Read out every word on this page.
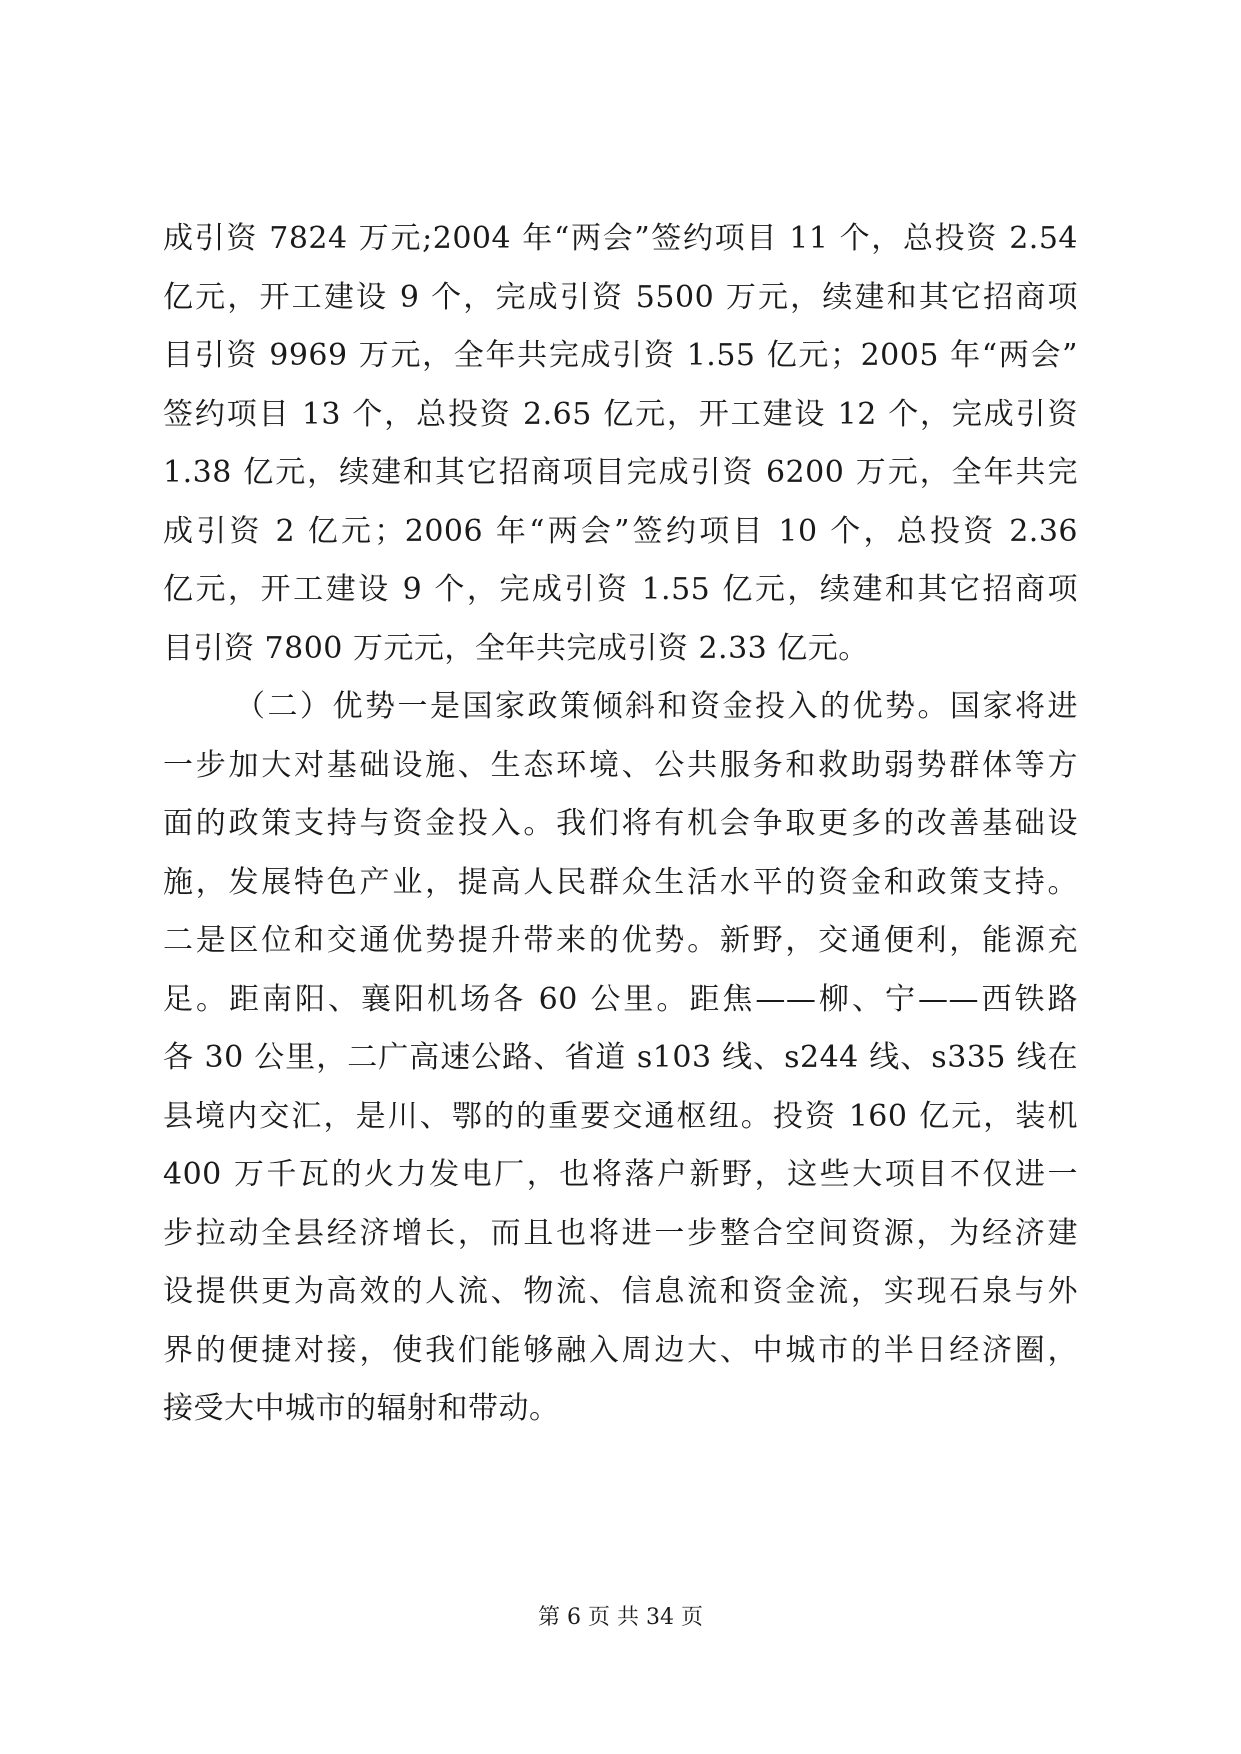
成引资 7824 万元;2004 年“两会”签约项目 11 个，总投资 2.54
亿元，开工建设 9 个，完成引资 5500 万元，续建和其它招商项
目引资 9969 万元，全年共完成引资 1.55 亿元；2005 年“两会”
签约项目 13 个，总投资 2.65 亿元，开工建设 12 个，完成引资
1.38 亿元，续建和其它招商项目完成引资 6200 万元，全年共完
成引资 2 亿元；2006 年“两会”签约项目 10 个，总投资 2.36
亿元，开工建设 9 个，完成引资 1.55 亿元，续建和其它招商项
目引资 7800 万元元，全年共完成引资 2.33 亿元。
（二）优势一是国家政策倾斜和资金投入的优势。国家将进
一步加大对基础设施、生态环境、公共服务和救助弱势群体等方
面的政策支持与资金投入。我们将有机会争取更多的改善基础设
施，发展特色产业，提高人民群众生活水平的资金和政策支持。
二是区位和交通优势提升带来的优势。新野，交通便利，能源充
足。距南阳、襄阳机场各 60 公里。距焦——柳、宁——西铁路
各 30 公里，二广高速公路、省道 s103 线、s244 线、s335 线在
县境内交汇，是川、鄂的的重要交通枢纽。投资 160 亿元，装机
400 万千瓦的火力发电厂，也将落户新野，这些大项目不仅进一
步拉动全县经济增长，而且也将进一步整合空间资源，为经济建
设提供更为高效的人流、物流、信息流和资金流，实现石泉与外
界的便捷对接，使我们能够融入周边大、中城市的半日经济圈，
接受大中城市的辐射和带动。
第 6 页 共 34 页
